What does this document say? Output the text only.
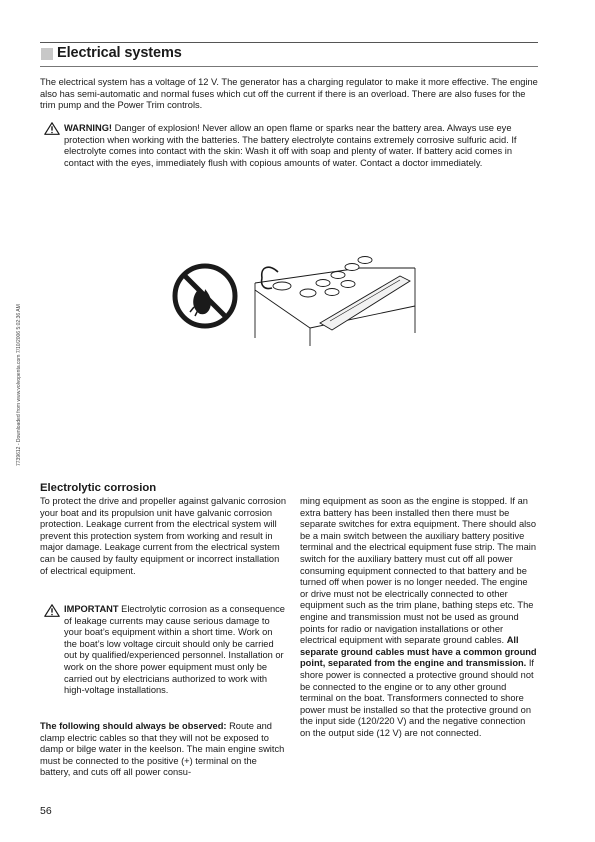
Electrical systems

The electrical system has a voltage of 12 V. The generator has a charging regulator to make it more effective. The engine also has semi-automatic and normal fuses which cut off the current if there is an overload. There are also fuses for the trim pump and the Power Trim controls.

WARNING! Danger of explosion! Never allow an open flame or sparks near the battery area. Always use eye protection when working with the batteries. The battery electrolyte contains extremely corrosive sulfuric acid. If electrolyte comes into contact with the skin: Wash it off with soap and plenty of water. If battery acid comes in contact with the eyes, immediately flush with copious amounts of water. Contact a doctor immediately.

7739612 - Downloaded from www.volvopenta.com 7/10/2006 5:02:36 AM

Electrolytic corrosion

To protect the drive and propeller against galvanic corrosion your boat and its propulsion unit have galvanic corrosion protection. Leakage current from the electrical system will prevent this protection system from working and result in major damage. Leakage current from the electrical system can be caused by faulty equipment or incorrect installation of electrical equipment.

IMPORTANT Electrolytic corrosion as a consequence of leakage currents may cause serious damage to your boat’s equipment within a short time. Work on the boat’s low voltage circuit should only be carried out by qualified/experienced personnel. Installation or work on the shore power equipment must only be carried out by electricians authorized to work with high-voltage installations.

The following should always be observed: Route and clamp electric cables so that they will not be exposed to damp or bilge water in the keelson. The main engine switch must be connected to the positive (+) terminal on the battery, and cuts off all power consu-

ming equipment as soon as the engine is stopped. If an extra battery has been installed then there must be separate switches for extra equipment. There should also be a main switch between the auxiliary battery positive terminal and the electrical equipment fuse strip. The main switch for the auxiliary battery must cut off all power consuming equipment connected to that battery and be turned off when power is no longer needed. The engine or drive must not be electrically connected to other equipment such as the trim plane, bathing steps etc. The engine and transmission must not be used as ground points for radio or navigation installations or other electrical equipment with separate ground cables. All separate ground cables must have a common ground point, separated from the engine and transmission. If shore power is connected a protective ground should not be connected to the engine or to any other ground terminal on the boat. Transformers connected to shore power must be installed so that the protective ground on the input side (120/220 V) and the negative connection on the output side (12 V) are not connected.

56
